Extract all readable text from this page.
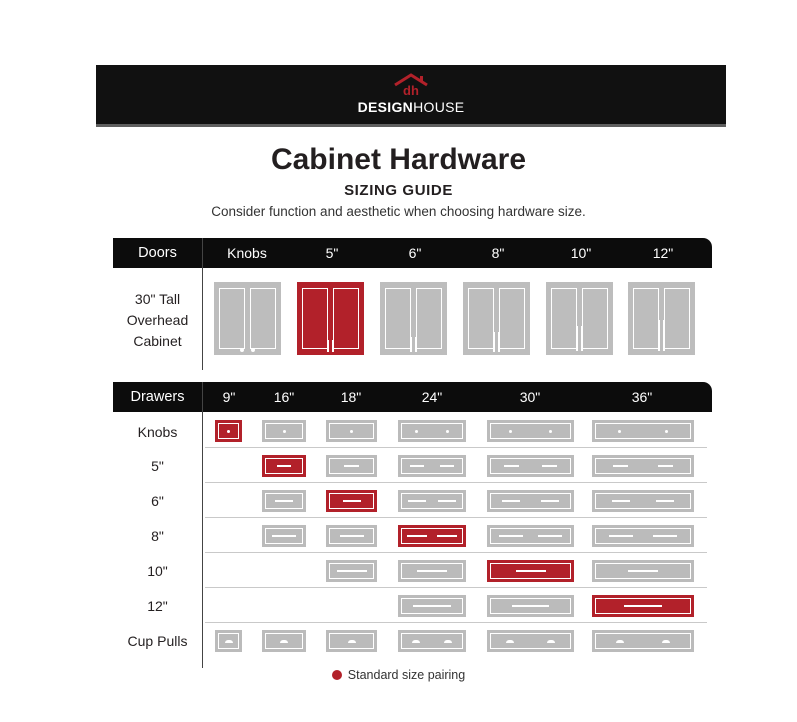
dh
DESIGNHOUSE
Cabinet Hardware
SIZING GUIDE
Consider function and aesthetic when choosing hardware size.
Doors	Knobs	5"	6"	8"	10"	12"
30" Tall Overhead Cabinet
Drawers	9"	16"	18"	24"	30"	36"
Knobs
5"
6"
8"
10"
12"
Cup Pulls
Standard size pairing
